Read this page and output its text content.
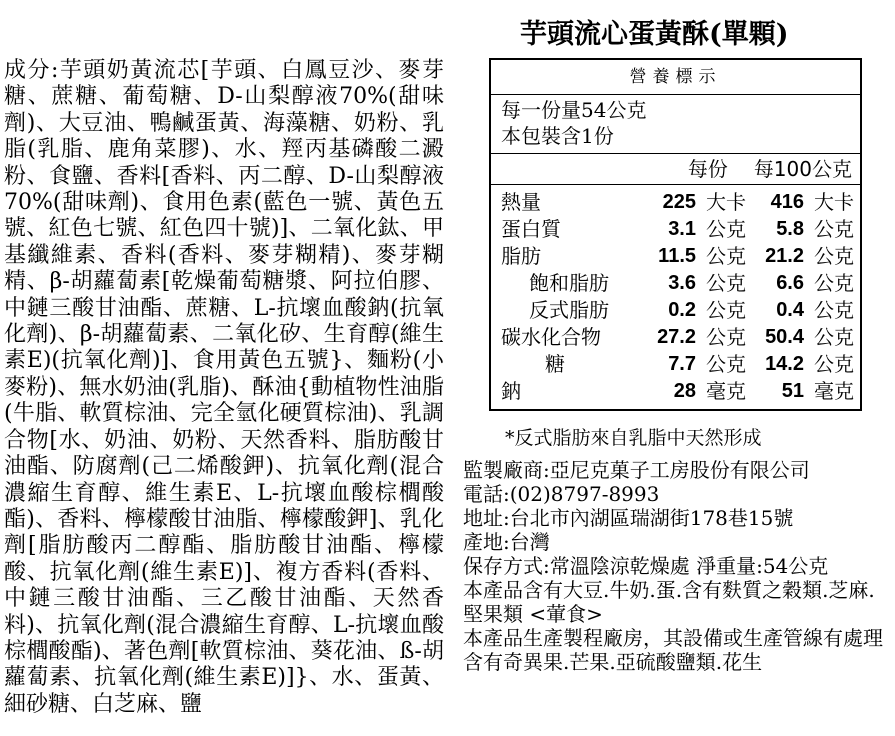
芋頭流心蛋黃酥(單顆)
成分:芋頭奶黃流芯[芋頭、白鳳豆沙、麥芽糖、蔗糖、葡萄糖、D-山梨醇液70%(甜味劑)、大豆油、鴨鹹蛋黃、海藻糖、奶粉、乳脂(乳脂、鹿角菜膠)、水、羥丙基磷酸二澱粉、食鹽、香料[香料、丙二醇、D-山梨醇液70%(甜味劑)、食用色素(藍色一號、黃色五號、紅色七號、紅色四十號)]、二氧化鈦、甲基纖維素、香料(香料、麥芽糊精)、麥芽糊精、β-胡蘿蔔素[乾燥葡萄糖漿、阿拉伯膠、中鏈三酸甘油酯、蔗糖、L-抗壞血酸鈉(抗氧化劑)、β-胡蘿蔔素、二氧化矽、生育醇(維生素E)(抗氧化劑)]、食用黃色五號}、麵粉(小麥粉)、無水奶油(乳脂)、酥油{動植物性油脂(牛脂、軟質棕油、完全氫化硬質棕油)、乳調合物[水、奶油、奶粉、天然香料、脂肪酸甘油酯、防腐劑(己二烯酸鉀)、抗氧化劑(混合濃縮生育醇、維生素E、L-抗壞血酸棕櫚酸酯)、香料、檸檬酸甘油脂、檸檬酸鉀]、乳化劑[脂肪酸丙二醇酯、脂肪酸甘油酯、檸檬酸、抗氧化劑(維生素E)]、複方香料(香料、中鏈三酸甘油酯、三乙酸甘油酯、天然香料)、抗氧化劑(混合濃縮生育醇、L-抗壞血酸棕櫚酸酯)、著色劑[軟質棕油、葵花油、ß-胡蘿蔔素、抗氧化劑(維生素E)]}、水、蛋黃、細砂糖、白芝麻、鹽
營養標示
每一份量54公克
本包裝含1份
每份 每100公克
熱量	225 大卡	416 大卡
蛋白質	3.1 公克	5.8 公克
脂肪	11.5 公克 21.2 公克
飽和脂肪	3.6 公克	6.6 公克
反式脂肪	0.2 公克	0.4 公克
碳水化合物	27.2 公克 50.4 公克
糖	7.7 公克 14.2 公克
鈉	28 毫克	51 毫克
*反式脂肪來自乳脂中天然形成
監製廠商:亞尼克菓子工房股份有限公司
電話:(02)8797-8993
地址:台北市內湖區瑞湖街178巷15號
產地:台灣
保存方式:常溫陰涼乾燥處 淨重量:54公克
本產品含有大豆.牛奶.蛋.含有麩質之穀類.芝麻.堅果類 <葷食>
本產品生產製程廠房，其設備或生產管線有處理含有奇異果.芒果.亞硫酸鹽類.花生
